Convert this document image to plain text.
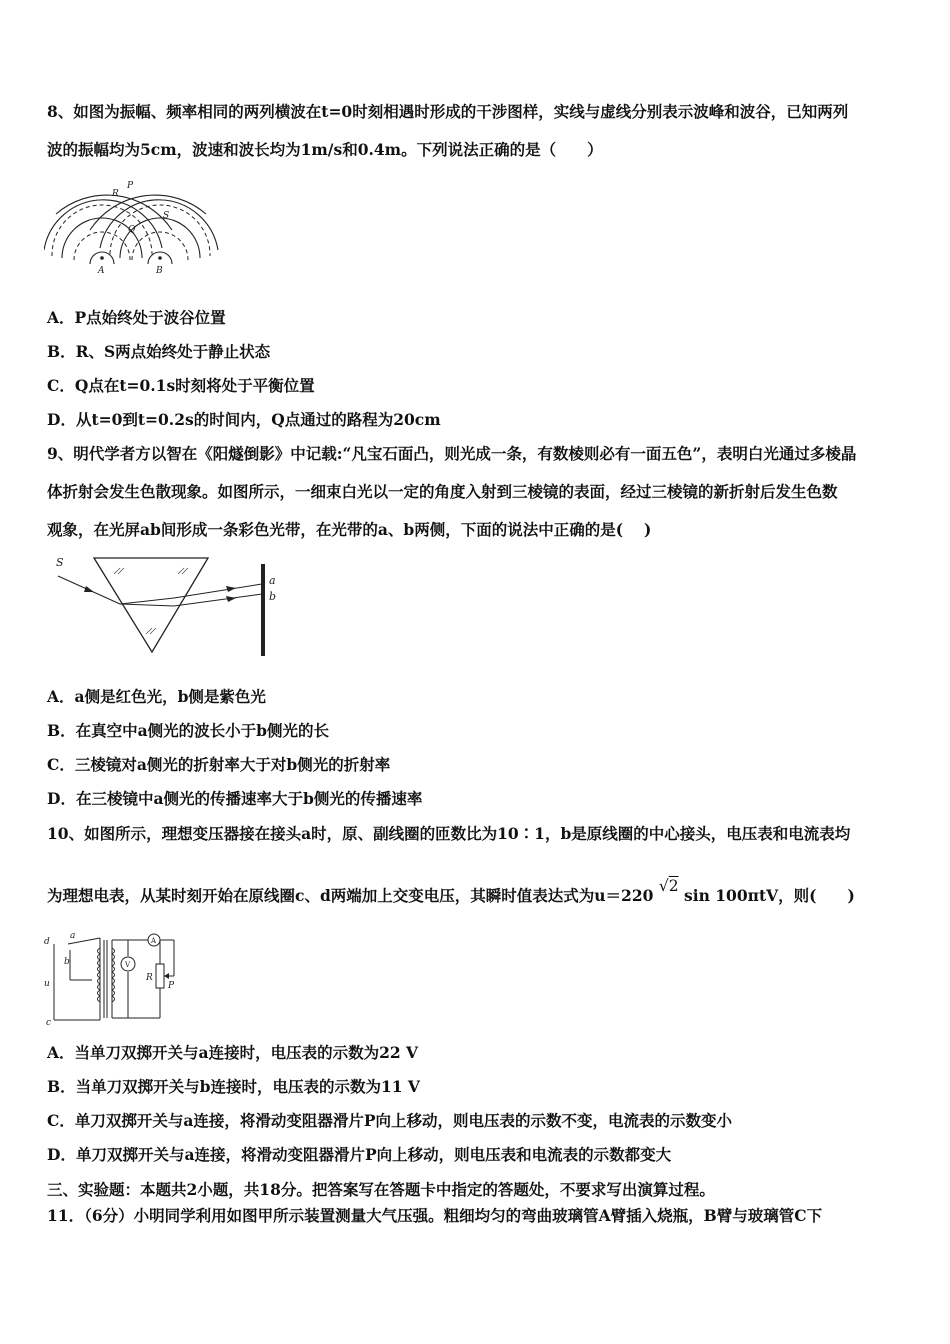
8、如图为振幅、频率相同的两列横波在t=0时刻相遇时形成的干涉图样，实线与虚线分别表示波峰和波谷，已知两列
波的振幅均为5cm，波速和波长均为1m/s和0.4m。下列说法正确的是（　　）
P
R
Q
S
A	B
A．P点始终处于波谷位置
B．R、S两点始终处于静止状态
C．Q点在t=0.1s时刻将处于平衡位置
D．从t=0到t=0.2s的时间内，Q点通过的路程为20cm
9、明代学者方以智在《阳燧倒影》中记载:“凡宝石面凸，则光成一条，有数棱则必有一面五色”，表明白光通过多棱晶
体折射会发生色散现象。如图所示，一细束白光以一定的角度入射到三棱镜的表面，经过三棱镜的新折射后发生色数
观象，在光屏ab间形成一条彩色光带，在光带的a、b两侧，下面的说法中正确的是(　 )
S
a
b
A．a侧是红色光，b侧是紫色光
B．在真空中a侧光的波长小于b侧光的长
C．三棱镜对a侧光的折射率大于对b侧光的折射率
D．在三棱镜中a侧光的传播速率大于b侧光的传播速率
10、如图所示，理想变压器接在接头a时，原、副线圈的匝数比为10∶1，b是原线圈的中心接头，电压表和电流表均
为理想电表，从某时刻开始在原线圈c、d两端加上交变电压，其瞬时值表达式为u＝220 √2 sin 100πtV，则(　　)
d
a
b
u
c
A
V
R
P
A．当单刀双掷开关与a连接时，电压表的示数为22 V
B．当单刀双掷开关与b连接时，电压表的示数为11 V
C．单刀双掷开关与a连接，将滑动变阻器滑片P向上移动，则电压表的示数不变，电流表的示数变小
D．单刀双掷开关与a连接，将滑动变阻器滑片P向上移动，则电压表和电流表的示数都变大
三、实验题：本题共2小题，共18分。把答案写在答题卡中指定的答题处，不要求写出演算过程。
11．（6分）小明同学利用如图甲所示装置测量大气压强。粗细均匀的弯曲玻璃管A臂插入烧瓶，B臂与玻璃管C下
